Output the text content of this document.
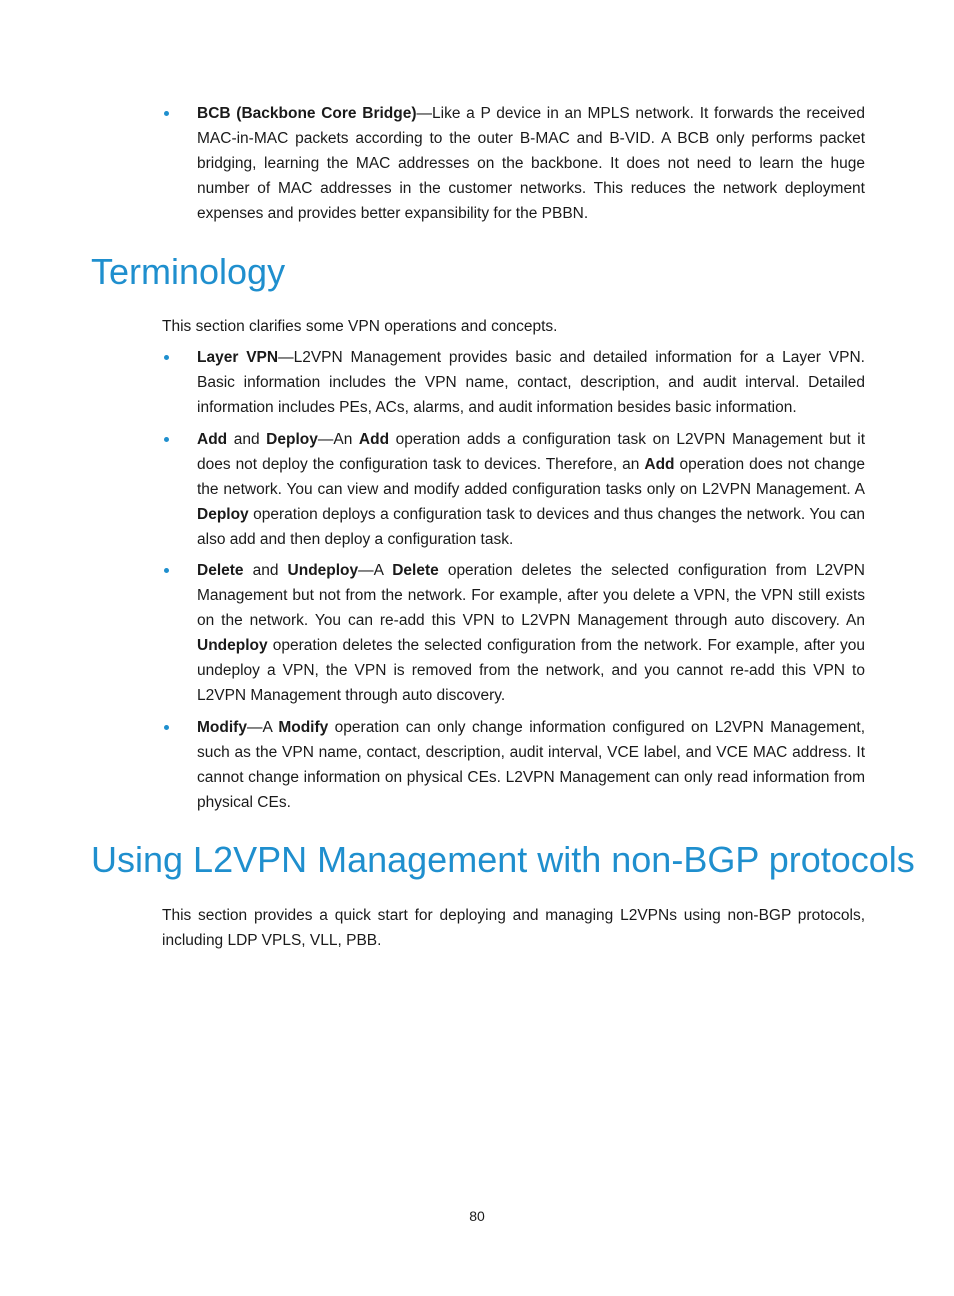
BCB (Backbone Core Bridge)—Like a P device in an MPLS network. It forwards the received MAC-in-MAC packets according to the outer B-MAC and B-VID. A BCB only performs packet bridging, learning the MAC addresses on the backbone. It does not need to learn the huge number of MAC addresses in the customer networks. This reduces the network deployment expenses and provides better expansibility for the PBBN.
Terminology

This section clarifies some VPN operations and concepts.

Layer VPN—L2VPN Management provides basic and detailed information for a Layer VPN. Basic information includes the VPN name, contact, description, and audit interval. Detailed information includes PEs, ACs, alarms, and audit information besides basic information.
Add and Deploy—An Add operation adds a configuration task on L2VPN Management but it does not deploy the configuration task to devices. Therefore, an Add operation does not change the network. You can view and modify added configuration tasks only on L2VPN Management. A Deploy operation deploys a configuration task to devices and thus changes the network. You can also add and then deploy a configuration task.
Delete and Undeploy—A Delete operation deletes the selected configuration from L2VPN Management but not from the network. For example, after you delete a VPN, the VPN still exists on the network. You can re-add this VPN to L2VPN Management through auto discovery. An Undeploy operation deletes the selected configuration from the network. For example, after you undeploy a VPN, the VPN is removed from the network, and you cannot re-add this VPN to L2VPN Management through auto discovery.
Modify—A Modify operation can only change information configured on L2VPN Management, such as the VPN name, contact, description, audit interval, VCE label, and VCE MAC address. It cannot change information on physical CEs. L2VPN Management can only read information from physical CEs.
Using L2VPN Management with non-BGP protocols

This section provides a quick start for deploying and managing L2VPNs using non-BGP protocols, including LDP VPLS, VLL, PBB.

80
